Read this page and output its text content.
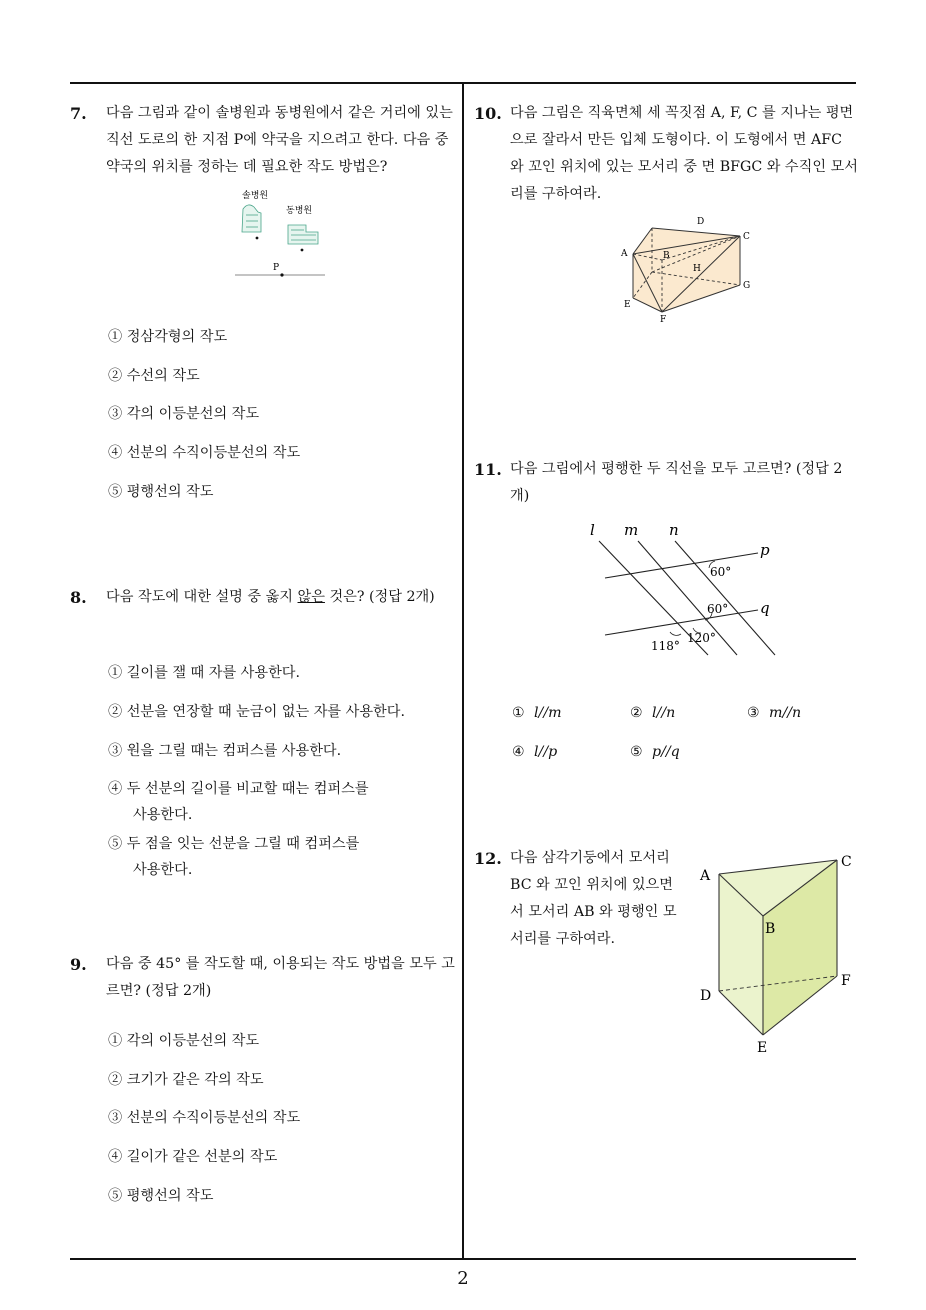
7. 다음 그림과 같이 솔병원과 동병원에서 같은 거리에 있는 직선 도로의 한 지점 P에 약국을 지으려고 한다. 다음 중 약국의 위치를 정하는 데 필요한 작도 방법은?
솔병원
동병원
P
① 정삼각형의 작도
② 수선의 작도
③ 각의 이등분선의 작도
④ 선분의 수직이등분선의 작도
⑤ 평행선의 작도
8. 다음 작도에 대한 설명 중 옳지 않은 것은? (정답 2개)
① 길이를 잴 때 자를 사용한다.
② 선분을 연장할 때 눈금이 없는 자를 사용한다.
③ 원을 그릴 때는 컴퍼스를 사용한다.
④ 두 선분의 길이를 비교할 때는 컴퍼스를
사용한다.
⑤ 두 점을 잇는 선분을 그릴 때 컴퍼스를
사용한다.
9. 다음 중 45° 를 작도할 때, 이용되는 작도 방법을 모두 고르면? (정답 2개)
① 각의 이등분선의 작도
② 크기가 같은 각의 작도
③ 선분의 수직이등분선의 작도
④ 길이가 같은 선분의 작도
⑤ 평행선의 작도
10. 다음 그림은 직육면체 세 꼭짓점 A, F, C 를 지나는 평면으로 잘라서 만든 입체 도형이다. 이 도형에서 면 AFC 와 꼬인 위치에 있는 모서리 중 면 BFGC 와 수직인 모서리를 구하여라.
D
A	B
C
H
G
E
F
11. 다음 그림에서 평행한 두 직선을 모두 고르면? (정답 2 개)
l m n
p
q
60°
60°
118°
120°
① l//m	② l//n	③ m//n
④ l//p	⑤ p//q
12. 다음 삼각기둥에서 모서리 BC 와 꼬인 위치에 있으면서 모서리 AB 와 평행인 모서리를 구하여라.
A
C
B
D
F
E
2
